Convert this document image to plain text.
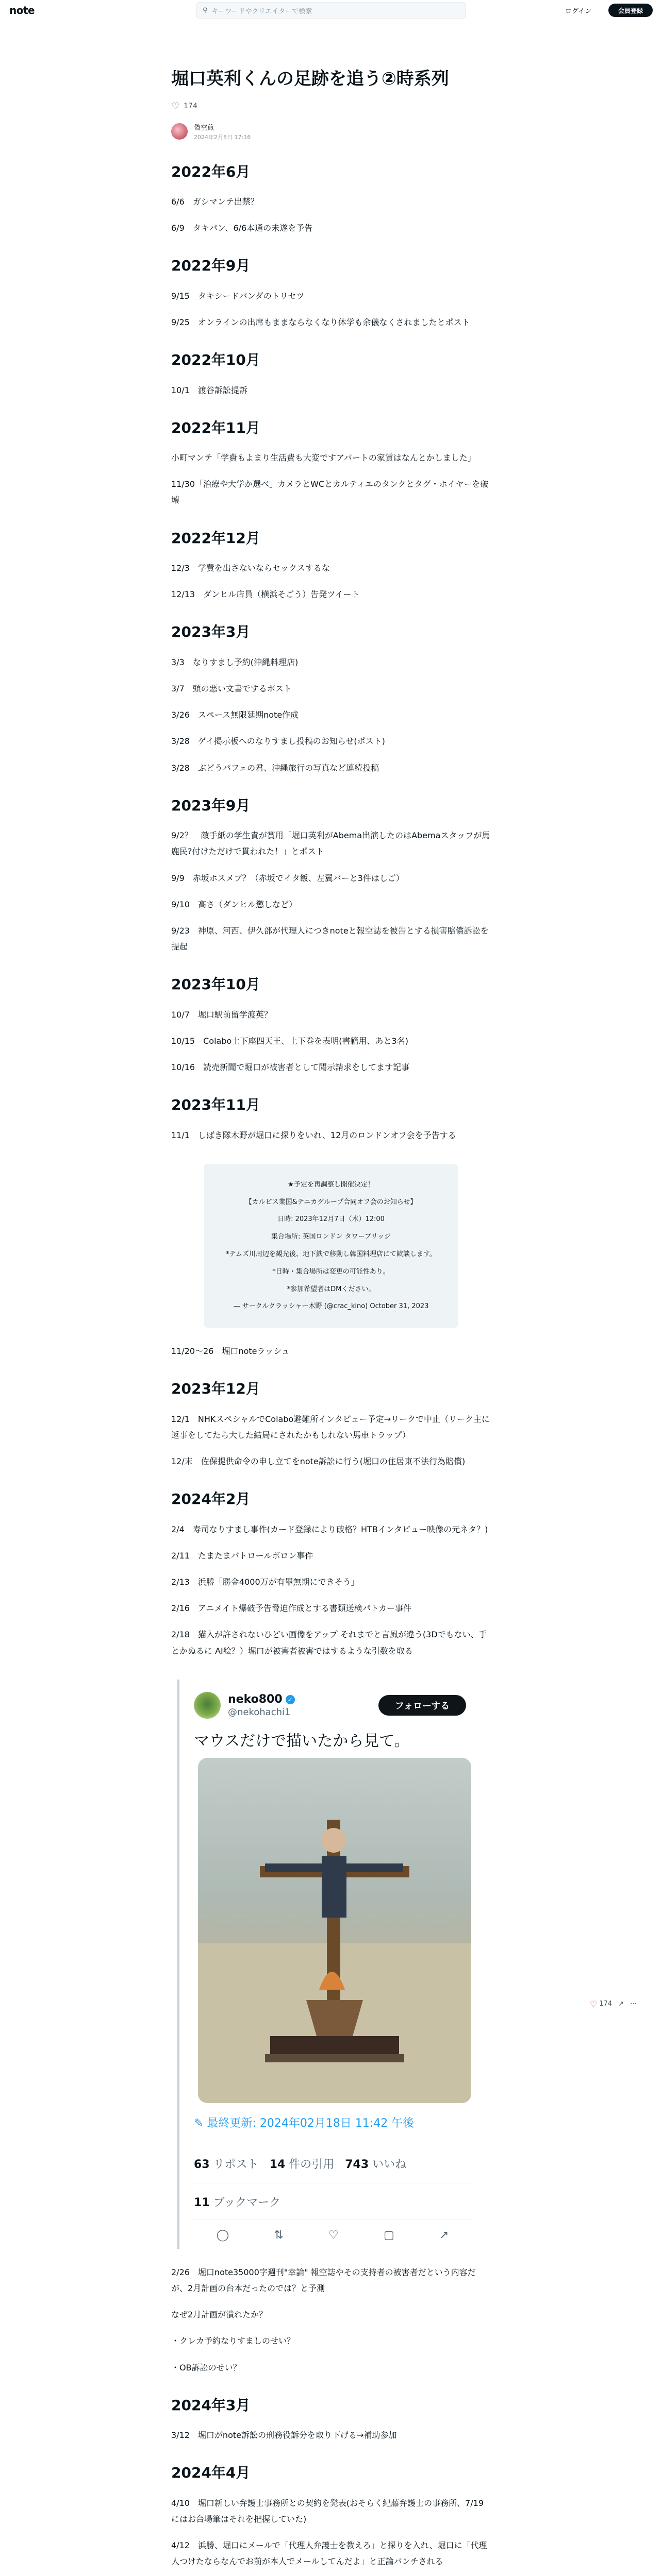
note	⚲ キーワードやクリエイターで検索	ログイン	会員登録
堀口英利くんの足跡を追う②時系列
♡ 174
偽空煎
2024年2月8日 17:16
2022年6月

6/6　ガシマンテ出禁？

6/9　タキパン、6/6本通の未遂を予告

2022年9月

9/15　タキシードパンダのトリセツ

9/25　オンラインの出席もままならなくなり休学も余儀なくされましたとポスト

2022年10月

10/1　渡谷訴訟提訴

2022年11月

小町マンテ「学費もよまり生活費も大変ですアパートの家賃はなんとかしました」

11/30「治療や大学か選べ」カメラとWCとカルティエのタンクとタグ・ホイヤーを破壊

2022年12月

12/3　学費を出さないならセックスするな

12/13　ダンヒル店員（横浜そごう）告発ツイート

2023年3月

3/3　なりすまし予約(沖縄料理店)

3/7　頭の悪い文書でするポスト

3/26　スペース無限延期note作成

3/28　ゲイ掲示板へのなりすまし投稿のお知らせ(ポスト)

3/28　ぶどうパフェの君、沖縄旅行の写真など連続投稿

2023年9月

9/2？　敵手紙の学生責が賞用「堀口英利がAbema出演したのはAbemaスタッフが馬鹿民?付けただけで貫われた！」とポスト

9/9　赤坂ホスメブ？（赤坂でイタ飯、左翼バーと3件はしご）

9/10　高さ（ダンヒル懲しなど）

9/23　神原、河西、伊久部が代理人につきnoteと報空誌を被告とする損害賠償訴訟を提起

2023年10月

10/7　堀口駅前留学渡英？

10/15　Colabo土下座四天王、上下巻を表明(書籍用、あと3名)

10/16　読売新聞で堀口が被害者として閲示請求をしてます記事

2023年11月

11/1　しばき隊木野が堀口に探りをいれ、12月のロンドンオフ会を予告する

★予定を再調整し開催決定！
【カルビス業国&テニカグループ合同オフ会のお知らせ】
日時: 2023年12月7日（木）12:00
集合場所: 英国ロンドン タワーブリッジ
*テムズ川周辺を観光後、地下鉄で移動し韓国料理店にて歓談します。
*日時・集合場所は変更の可能性あり。
*参加希望者はDMください。
— サークルクラッシャー木野 (@crac_kino) October 31, 2023

11/20〜26　堀口noteラッシュ

2023年12月

12/1　NHKスペシャルでColabo避難所インタビュー予定→リークで中止（リーク主に返事をしてたら大した結局にされたかもしれない馬車トラップ）

12/末　佐保提供命令の申し立てをnote訴訟に行う(堀口の住居東不法行為賠償)

2024年2月

2/4　寿司なりすまし事件(カード登録により破格？HTBインタビュー映像の元ネタ？)

2/11　たまたまバトロールボロン事件

2/13　浜勝「勝金4000万が有罪無期にできそう」

2/16　アニメイト爆破予告脅迫作成とする書類送検パトカー事件

2/18　猫入が許されないひどい画像をアップ それまでと言風が違う(3Dでもない、手とかぬるに AI絵？）堀口が被害者被害ではするような引数を取る

neko800 ✓
@nekohachi1
フォローする
マウスだけで描いたから見て。
✎ 最終更新: 2024年02月18日 11:42 午後
63 リポスト 14 件の引用 743 いいね
11 ブックマーク
◯	⇅	♡	▢	↗

2/26　堀口note35000字週刊"幸論" 報空誌やその支持者の被害者だという内容だが、2月計画の台本だったのでは？と予測

なぜ2月計画が潰れたか？

・クレカ予約なりすましのせい？

・OB訴訟のせい？

2024年3月

3/12　堀口がnote訴訟の刑務役訴分を取り下げる→補助参加

2024年4月

4/10　堀口新しい弁護士事務所との契約を発表(おそらく紀藤弁護士の事務所、7/19にはお台場筆はそれを把握していた)

4/12　浜勝、堀口にメールで「代理人弁護士を教えろ」と探りを入れ、堀口に「代理人つけたならなんでお前が本人でメールしてんだよ」と正論パンチされる

♡ 174 ↗ ⋯
